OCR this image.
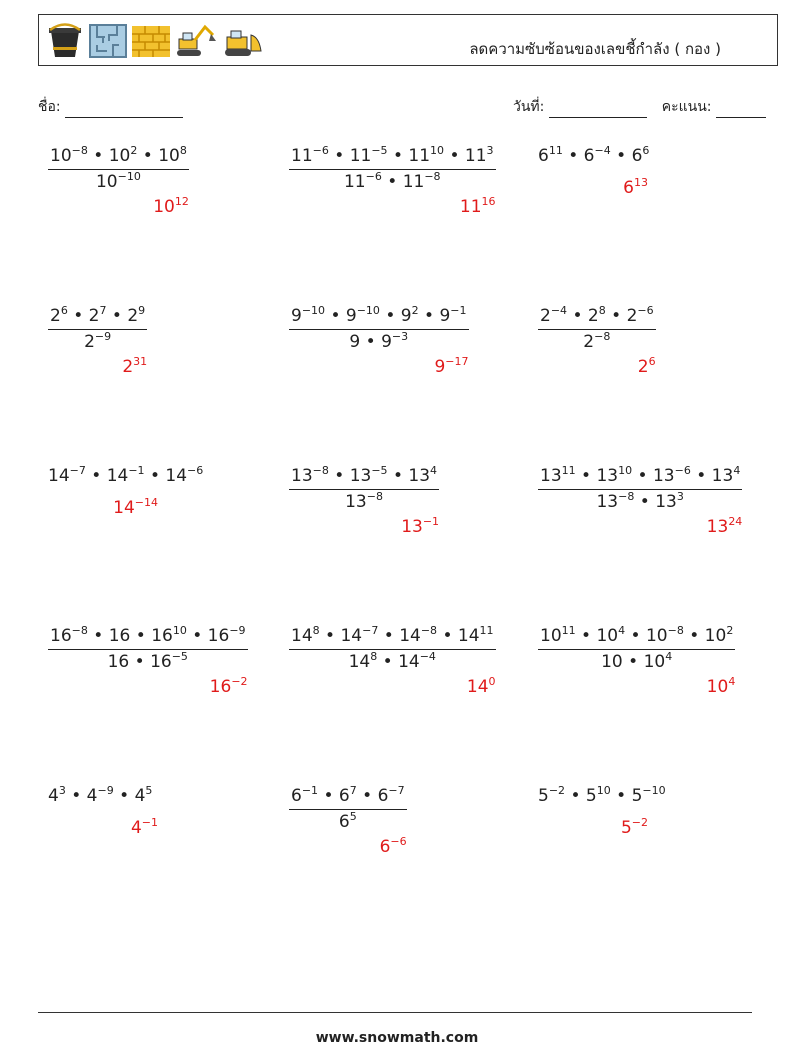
ลดความซับซ้อนของเลขชี้กำลัง ( กอง )
ชื่อ:	วันที่:	คะแนน:
$\frac{10^{-8} • 10^2 • 10^8}{10^{-10}}$
$10^{12}$
$\frac{11^{-6} • 11^{-5} • 11^{10} • 11^3}{11^{-6} • 11^{-8}}$
$11^{16}$
$6^{11}$ • $6^{-4}$ • $6^6$
$6^{13}$
$\frac{2^6 • 2^7 • 2^9}{2^{-9}}$
$2^{31}$
$\frac{9^{-10} • 9^{-10} • 9^2 • 9^{-1}}{9 • 9^{-3}}$
$9^{-17}$
$\frac{2^{-4} • 2^8 • 2^{-6}}{2^{-8}}$
$2^6$
$14^{-7}$ • $14^{-1}$ • $14^{-6}$
$14^{-14}$	$\frac{13^{-8} • 13^{-5} • 13^4}{13^{-8}}$
$13^{-1}$
$\frac{13^{11} • 13^{10} • 13^{-6} • 13^4}{13^{-8} • 13^3}$
$13^{24}$
$\frac{16^{-8} • 16 • 16^{10} • 16^{-9}}{16 • 16^{-5}}$
$16^{-2}$
$\frac{14^8 • 14^{-7} • 14^{-8} • 14^{11}}{14^8 • 14^{-4}}$
$14^0$
$\frac{10^{11} • 10^4 • 10^{-8} • 10^2}{10 • 10^4}$
$10^4$
$4^3$ • $4^{-9}$ • $4^5$
$4^{-1}$	$\frac{6^{-1} • 6^7 • 6^{-7}}{6^5}$
$6^{-6}$
$5^{-2}$ • $5^{10}$ • $5^{-10}$
$5^{-2}$
www.snowmath.com
